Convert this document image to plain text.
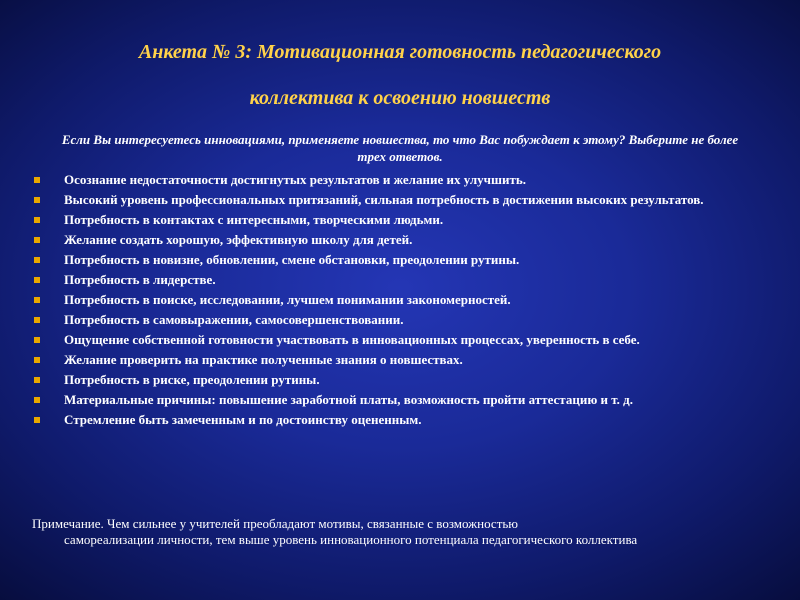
Анкета № 3: Мотивационная готовность педагогического
коллектива к освоению новшеств

Если Вы интересуетесь инновациями, применяете новшества, то что Вас побуждает к этому? Выберите не более трех ответов.

Осознание недостаточности достигнутых результатов и желание их улучшить.
Высокий уровень профессиональных притязаний, сильная потребность в достижении высоких результатов.
Потребность в контактах с интересными, творческими людьми.
Желание создать хорошую, эффективную школу для детей.
Потребность в новизне, обновлении, смене обстановки, преодолении рутины.
Потребность в лидерстве.
Потребность в поиске, исследовании, лучшем понимании закономерностей.
Потребность в самовыражении, самосовершенствовании.
Ощущение собственной готовности участвовать в инновационных процессах, уверенность в себе.
Желание проверить на практике полученные знания о новшествах.
Потребность в риске, преодолении рутины.
Материальные причины: повышение заработной платы, возможность пройти аттестацию и т. д.
Стремление быть замеченным и по достоинству оцененным.

Примечание. Чем сильнее у учителей преобладают мотивы, связанные с возможностью
самореализации личности, тем выше уровень инновационного потенциала педагогического коллектива
